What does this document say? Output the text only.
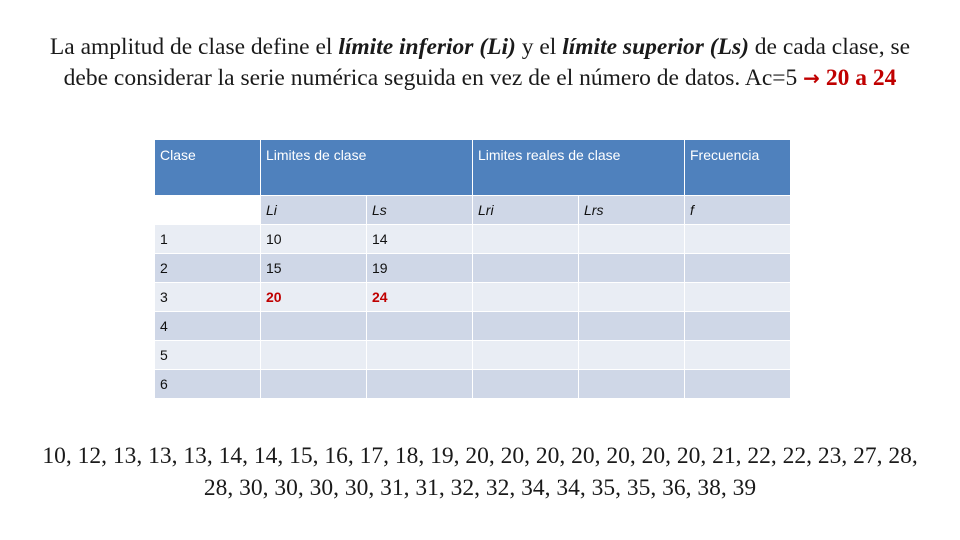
La amplitud de clase define el límite inferior (Li) y el límite superior (Ls) de cada clase, se debe considerar la serie numérica seguida en vez de el número de datos. Ac=5 → 20 a 24
Clase	Limites de clase		Limites reales de clase		Frecuencia
	Li	Ls	Lri	Lrs	f
1	10	14			
2	15	19			
3	20	24			
4					
5					
6					
10, 12, 13, 13, 13, 14, 14, 15, 16, 17, 18, 19, 20, 20, 20, 20, 20, 20, 20, 21, 22, 22, 23, 27, 28, 28, 30, 30, 30, 30, 31, 31, 32, 32, 34, 34, 35, 35, 36, 38, 39
